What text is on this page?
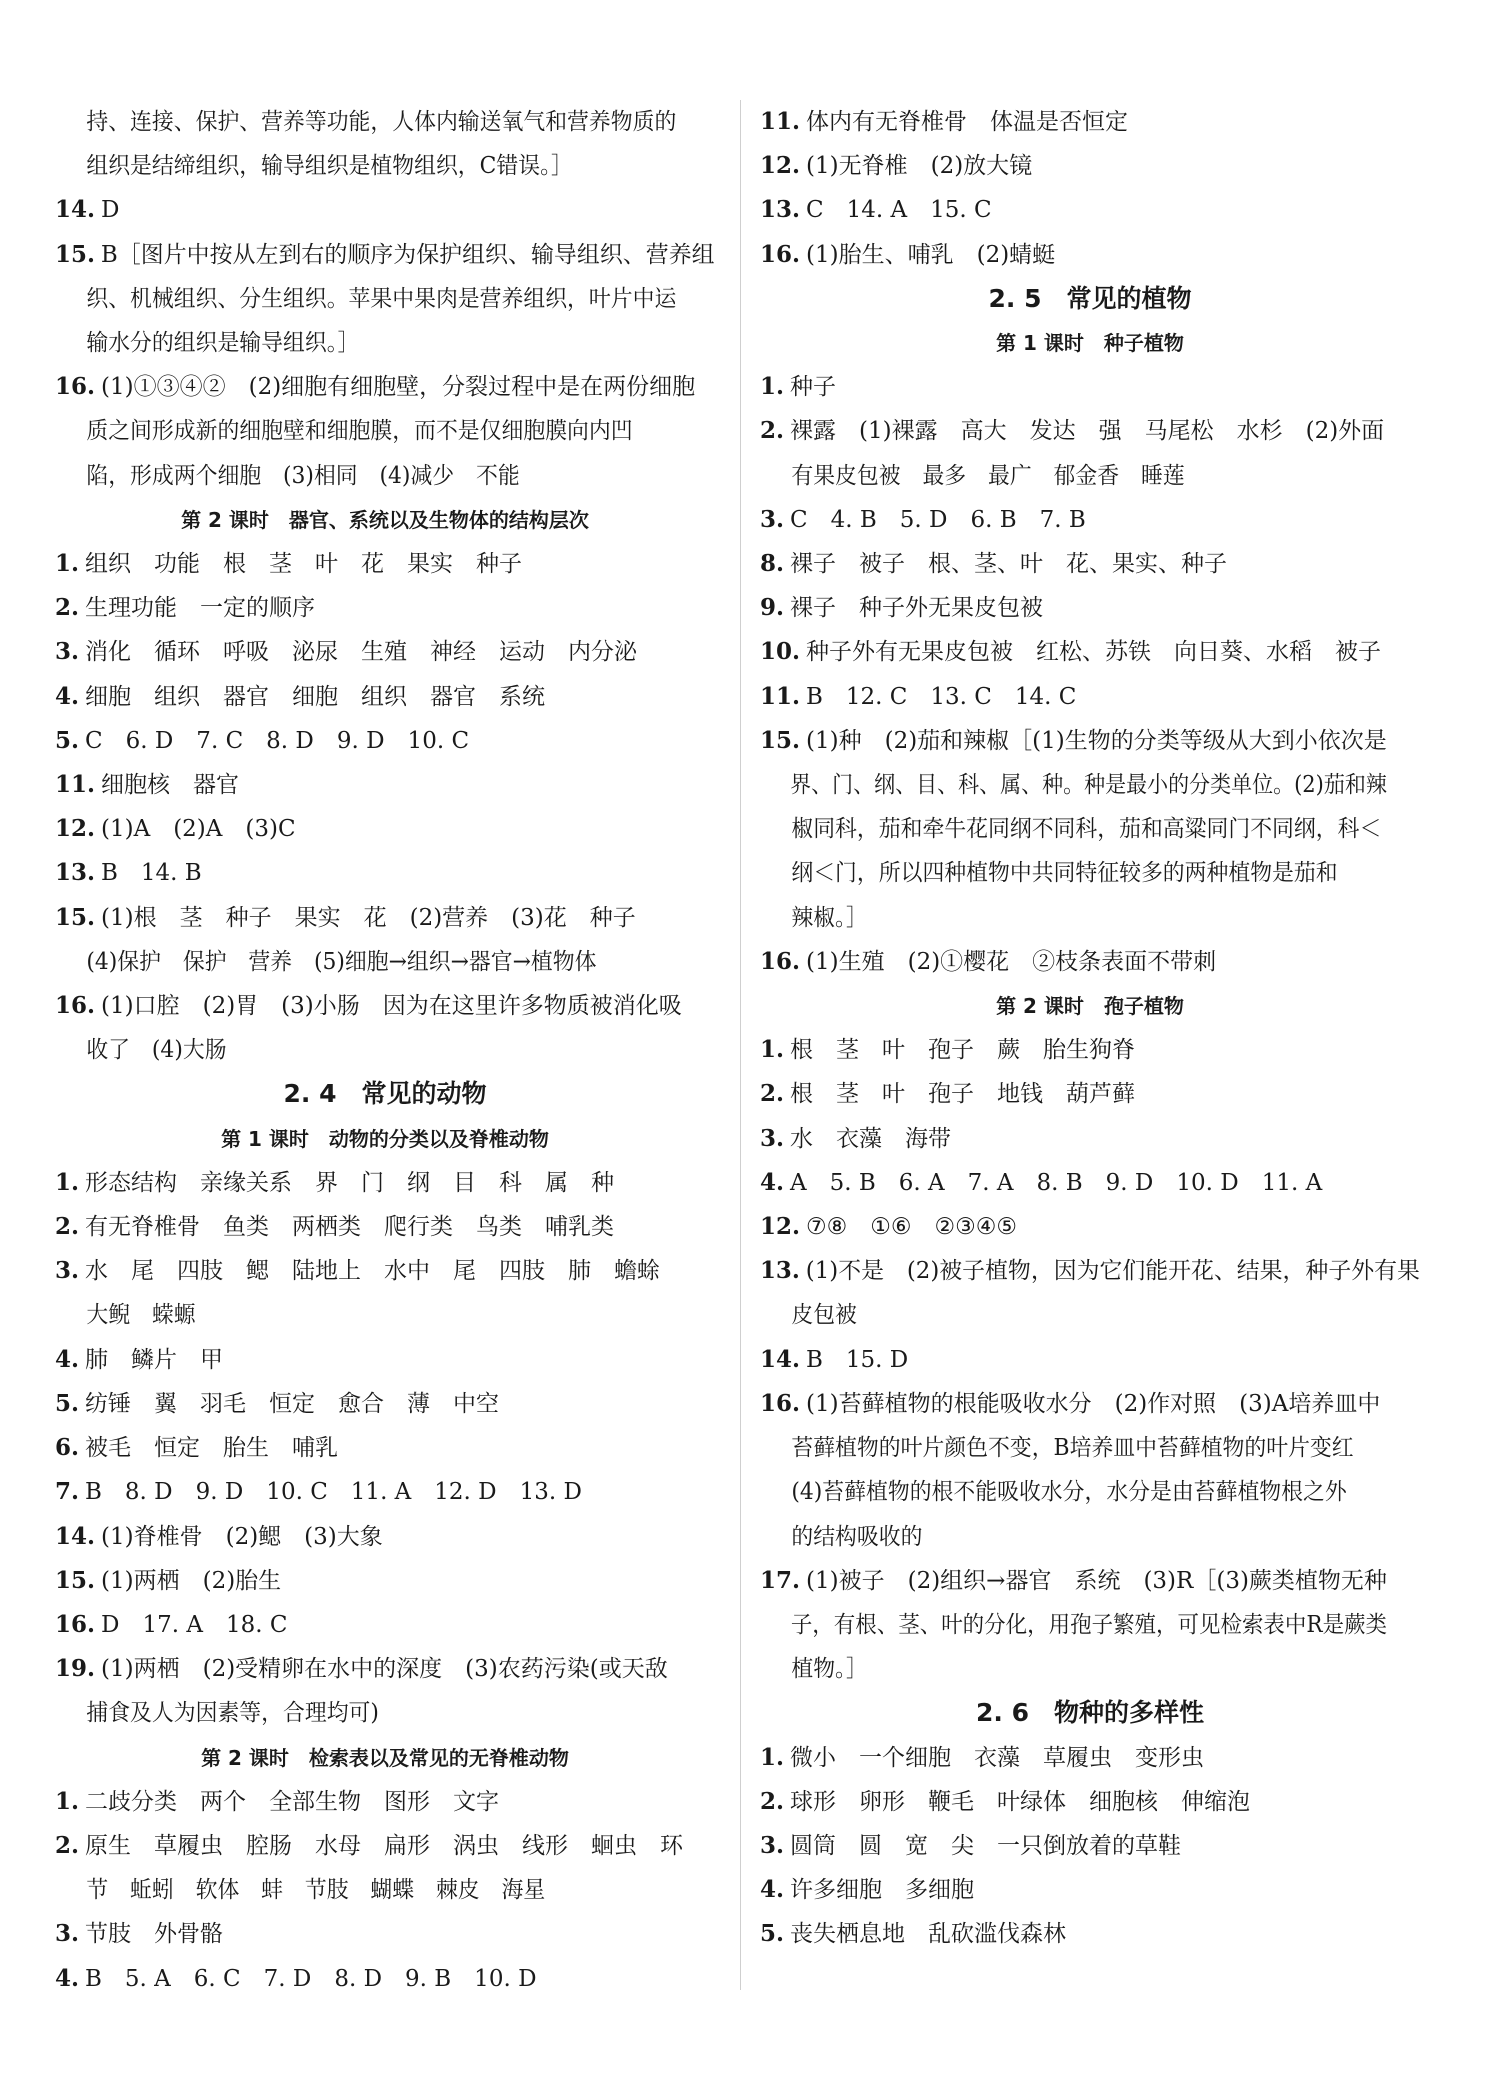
持、连接、保护、营养等功能，人体内输送氧气和营养物质的
组织是结缔组织，输导组织是植物组织，C错误。］
14. D
15. B［图片中按从左到右的顺序为保护组织、输导组织、营养组
织、机械组织、分生组织。苹果中果肉是营养组织，叶片中运
输水分的组织是输导组织。］
16. (1)①③④②　(2)细胞有细胞壁，分裂过程中是在两份细胞
质之间形成新的细胞壁和细胞膜，而不是仅细胞膜向内凹
陷，形成两个细胞　(3)相同　(4)减少　不能
第 2 课时　器官、系统以及生物体的结构层次
1. 组织　功能　根　茎　叶　花　果实　种子
2. 生理功能　一定的顺序
3. 消化　循环　呼吸　泌尿　生殖　神经　运动　内分泌
4. 细胞　组织　器官　细胞　组织　器官　系统
5. C　6. D　7. C　8. D　9. D　10. C
11. 细胞核　器官
12. (1)A　(2)A　(3)C
13. B　14. B
15. (1)根　茎　种子　果实　花　(2)营养　(3)花　种子
(4)保护　保护　营养　(5)细胞→组织→器官→植物体
16. (1)口腔　(2)胃　(3)小肠　因为在这里许多物质被消化吸
收了　(4)大肠
2. 4　常见的动物
第 1 课时　动物的分类以及脊椎动物
1. 形态结构　亲缘关系　界　门　纲　目　科　属　种
2. 有无脊椎骨　鱼类　两栖类　爬行类　鸟类　哺乳类
3. 水　尾　四肢　鳃　陆地上　水中　尾　四肢　肺　蟾蜍
大鲵　蝾螈
4. 肺　鳞片　甲
5. 纺锤　翼　羽毛　恒定　愈合　薄　中空
6. 被毛　恒定　胎生　哺乳
7. B　8. D　9. D　10. C　11. A　12. D　13. D
14. (1)脊椎骨　(2)鳃　(3)大象
15. (1)两栖　(2)胎生
16. D　17. A　18. C
19. (1)两栖　(2)受精卵在水中的深度　(3)农药污染(或天敌
捕食及人为因素等，合理均可)
第 2 课时　检索表以及常见的无脊椎动物
1. 二歧分类　两个　全部生物　图形　文字
2. 原生　草履虫　腔肠　水母　扁形　涡虫　线形　蛔虫　环
节　蚯蚓　软体　蚌　节肢　蝴蝶　棘皮　海星
3. 节肢　外骨骼
4. B　5. A　6. C　7. D　8. D　9. B　10. D
11. 体内有无脊椎骨　体温是否恒定
12. (1)无脊椎　(2)放大镜
13. C　14. A　15. C
16. (1)胎生、哺乳　(2)蜻蜓
2. 5　常见的植物
第 1 课时　种子植物
1. 种子
2. 裸露　(1)裸露　高大　发达　强　马尾松　水杉　(2)外面
有果皮包被　最多　最广　郁金香　睡莲
3. C　4. B　5. D　6. B　7. B
8. 裸子　被子　根、茎、叶　花、果实、种子
9. 裸子　种子外无果皮包被
10. 种子外有无果皮包被　红松、苏铁　向日葵、水稻　被子
11. B　12. C　13. C　14. C
15. (1)种　(2)茄和辣椒［(1)生物的分类等级从大到小依次是
界、门、纲、目、科、属、种。种是最小的分类单位。(2)茄和辣
椒同科，茄和牵牛花同纲不同科，茄和高粱同门不同纲，科＜
纲＜门，所以四种植物中共同特征较多的两种植物是茄和
辣椒。］
16. (1)生殖　(2)①樱花　②枝条表面不带刺
第 2 课时　孢子植物
1. 根　茎　叶　孢子　蕨　胎生狗脊
2. 根　茎　叶　孢子　地钱　葫芦藓
3. 水　衣藻　海带
4. A　5. B　6. A　7. A　8. B　9. D　10. D　11. A
12. ⑦⑧　①⑥　②③④⑤
13. (1)不是　(2)被子植物，因为它们能开花、结果，种子外有果
皮包被
14. B　15. D
16. (1)苔藓植物的根能吸收水分　(2)作对照　(3)A培养皿中
苔藓植物的叶片颜色不变，B培养皿中苔藓植物的叶片变红
(4)苔藓植物的根不能吸收水分，水分是由苔藓植物根之外
的结构吸收的
17. (1)被子　(2)组织→器官　系统　(3)R［(3)蕨类植物无种
子，有根、茎、叶的分化，用孢子繁殖，可见检索表中R是蕨类
植物。］
2. 6　物种的多样性
1. 微小　一个细胞　衣藻　草履虫　变形虫
2. 球形　卵形　鞭毛　叶绿体　细胞核　伸缩泡
3. 圆筒　圆　宽　尖　一只倒放着的草鞋
4. 许多细胞　多细胞
5. 丧失栖息地　乱砍滥伐森林
